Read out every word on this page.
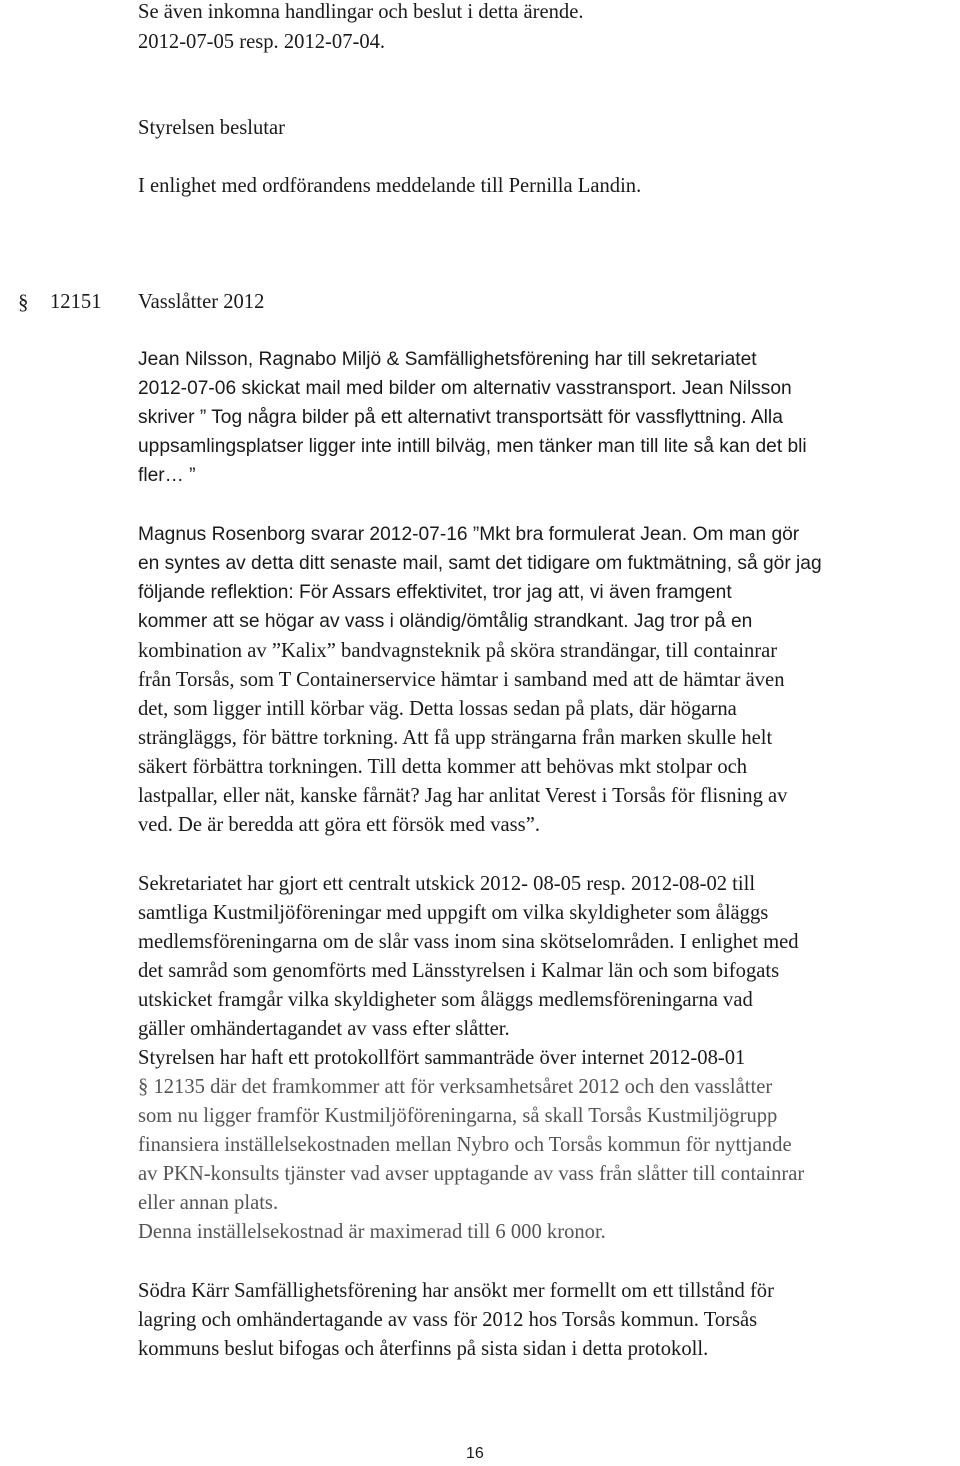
Se även inkomna handlingar och beslut i detta ärende.
2012-07-05 resp. 2012-07-04.
Styrelsen beslutar
I enlighet med ordförandens meddelande till Pernilla Landin.
§ 12151 Vasslåtter 2012
Jean Nilsson, Ragnabo Miljö & Samfällighetsförening har till sekretariatet
2012-07-06 skickat mail med bilder om alternativ vasstransport. Jean Nilsson
skriver ” Tog några bilder på ett alternativt transportsätt för vassflyttning. Alla
uppsamlingsplatser ligger inte intill bilväg, men tänker man till lite så kan det bli
fler… ”
Magnus Rosenborg svarar 2012-07-16 ”Mkt bra formulerat Jean. Om man gör
en syntes av detta ditt senaste mail, samt det tidigare om fuktmätning, så gör jag
följande reflektion: För Assars effektivitet, tror jag att, vi även framgent
kommer att se högar av vass i oländig/ömtålig strandkant. Jag tror på en
kombination av ”Kalix” bandvagnsteknik på sköra strandängar, till containrar
från Torsås, som T Containerservice hämtar i samband med att de hämtar även
det, som ligger intill körbar väg. Detta lossas sedan på plats, där högarna
strängläggs, för bättre torkning. Att få upp strängarna från marken skulle helt
säkert förbättra torkningen. Till detta kommer att behövas mkt stolpar och
lastpallar, eller nät, kanske fårnät? Jag har anlitat Verest i Torsås för flisning av
ved. De är beredda att göra ett försök med vass”.
Sekretariatet har gjort ett centralt utskick 2012- 08-05 resp. 2012-08-02 till
samtliga Kustmiljöföreningar med uppgift om vilka skyldigheter som åläggs
medlemsföreningarna om de slår vass inom sina skötselområden. I enlighet med
det samråd som genomförts med Länsstyrelsen i Kalmar län och som bifogats
utskicket framgår vilka skyldigheter som åläggs medlemsföreningarna vad
gäller omhändertagandet av vass efter slåtter.
Styrelsen har haft ett protokollfört sammanträde över internet 2012-08-01
§ 12135 där det framkommer att för verksamhetsåret 2012 och den vasslåtter
som nu ligger framför Kustmiljöföreningarna, så skall Torsås Kustmiljögrupp
finansiera inställelsekostnaden mellan Nybro och Torsås kommun för nyttjande
av PKN-konsults tjänster vad avser upptagande av vass från slåtter till containrar
eller annan plats.
Denna inställelsekostnad är maximerad till 6 000 kronor.
Södra Kärr Samfällighetsförening har ansökt mer formellt om ett tillstånd för
lagring och omhändertagande av vass för 2012 hos Torsås kommun. Torsås
kommuns beslut bifogas och återfinns på sista sidan i detta protokoll.
16
